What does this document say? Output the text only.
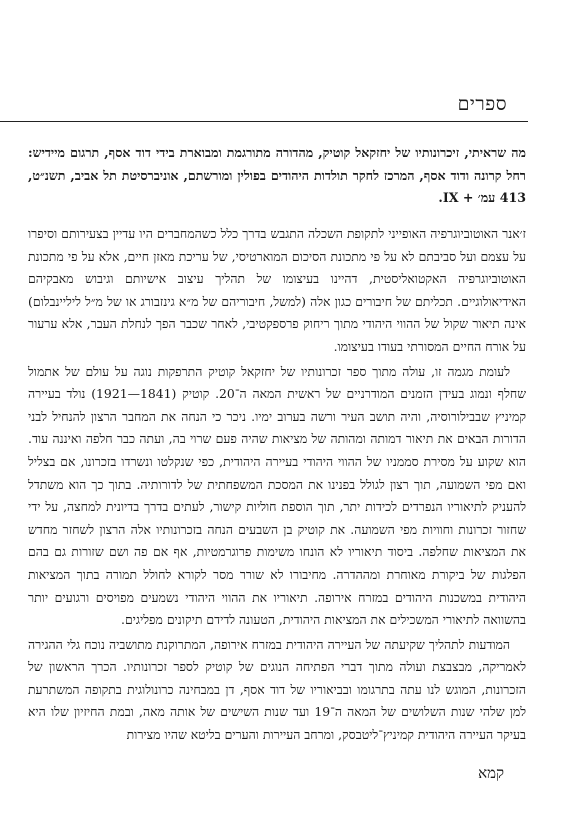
ספרים

מה שראיתי, זיכרונותיו של יחזקאל קוטיק, מהדורה מתורגמת ומבוארת בידי דוד אסף, תרגום מיידיש: רחל קרונה ודוד אסף, המרכז לחקר תולדות היהודים בפולין ומורשתם, אוניברסיטת תל אביב, תשנ״ט, 413 עמ׳ + IX.

ז׳אנר האוטוביוגרפיה האופייני לתקופת השכלה התגבש בדרך כלל כשהמחברים היו עדיין בצעירותם וסיפרו על עצמם ועל סביבתם לא על פי מתכונת הסיכום המוארטיסי, של עריכת מאזן חיים, אלא על פי מתכונת האוטוביוגרפיה האקטואליסטית, דהיינו בעיצומו של תהליך עיצוב אישיותם וגיבוש מאבקיהם האידיאולוגיים. תכליתם של חיבורים כגון אלה (למשל, חיבוריהם של מ״א גינזבורג או של מ״ל ליליינבלום) אינה תיאור שקול של ההווי היהודי מתוך ריחוק פרספקטיבי, לאחר שכבר הפך לנחלת העבר, אלא ערעור על אורח החיים המסורתי בעודו בעיצומו.

לעומת מגמה זו, עולה מתוך ספר זכרונותיו של יחזקאל קוטיק התרפקות נוגה על עולם של אתמול שחלף ונמוג בעידן הזמנים המודרניים של ראשית המאה ה־20. קוטיק (1841—1921) נולד בעיירה קמיניץ שבבילורוסיה, והיה תושב העיר ורשה בערוב ימיו. ניכר כי הנחה את המחבר הרצון להנחיל לבני הדורות הבאים את תיאור דמותה ומהותה של מציאות שהיה פעם שרוי בה, ועתה כבר חלפה ואיננה עוד. הוא שקוע על מסירת סממניו של ההווי היהודי בעיירה היהודית, כפי שנקלטו ונשרדו בזכרונו, אם בצליל ואם מפי השמועה, תוך רצון לגולל בפנינו את המסכת המשפחתית של לדורותיה. בתוך כך הוא משתדל להעניק לתיאוריו הנפרדים לכידות יתר, תוך הוספת חוליות קישור, לעתים בדרך בדיונית למחצה, על ידי שחזור זכרונות וחוויות מפי השמועה. את קוטיק בן השבעים הנחה בזכרונותיו אלה הרצון לשחזר מחדש את המציאות שחלפה. ביסוד תיאוריו לא הונחו משימות פרוגרמטיות, אף אם פה ושם שזורות גם בהם הפלגות של ביקורת מאוחרת ומההדרה. מחיבורו לא שורר מסר לקורא לחולל תמורה בתוך המציאות היהודית במשכנות היהודים במזרח אירופה. תיאוריו את ההווי היהודי נשמעים מפויסים ורגועים יותר בהשוואה לתיאורי המשכילים את המציאות היהודית, הטעונה לדידם תיקונים מפליגים.

המודעות לתהליך שקיעתה של העיירה היהודית במזרח אירופה, המתרוקנת מתושביה נוכח גלי ההגירה לאמריקה, מבצבצת ועולה מתוך דברי הפתיחה הנוגים של קוטיק לספר זכרונותיו. הכרך הראשון של הזכרונות, המוגש לנו עתה בתרגומו ובביאוריו של דוד אסף, דן במבחינה כרונולוגית בתקופה המשתרעת למן שלהי שנות השלושים של המאה ה־19 ועד שנות השישים של אותה מאה, ובמת החיזיון שלו היא בעיקר העיירה היהודית קמיניץ־ליטבסק, ומרחב העיירות והערים בליטא שהיו מצירות

קמא
